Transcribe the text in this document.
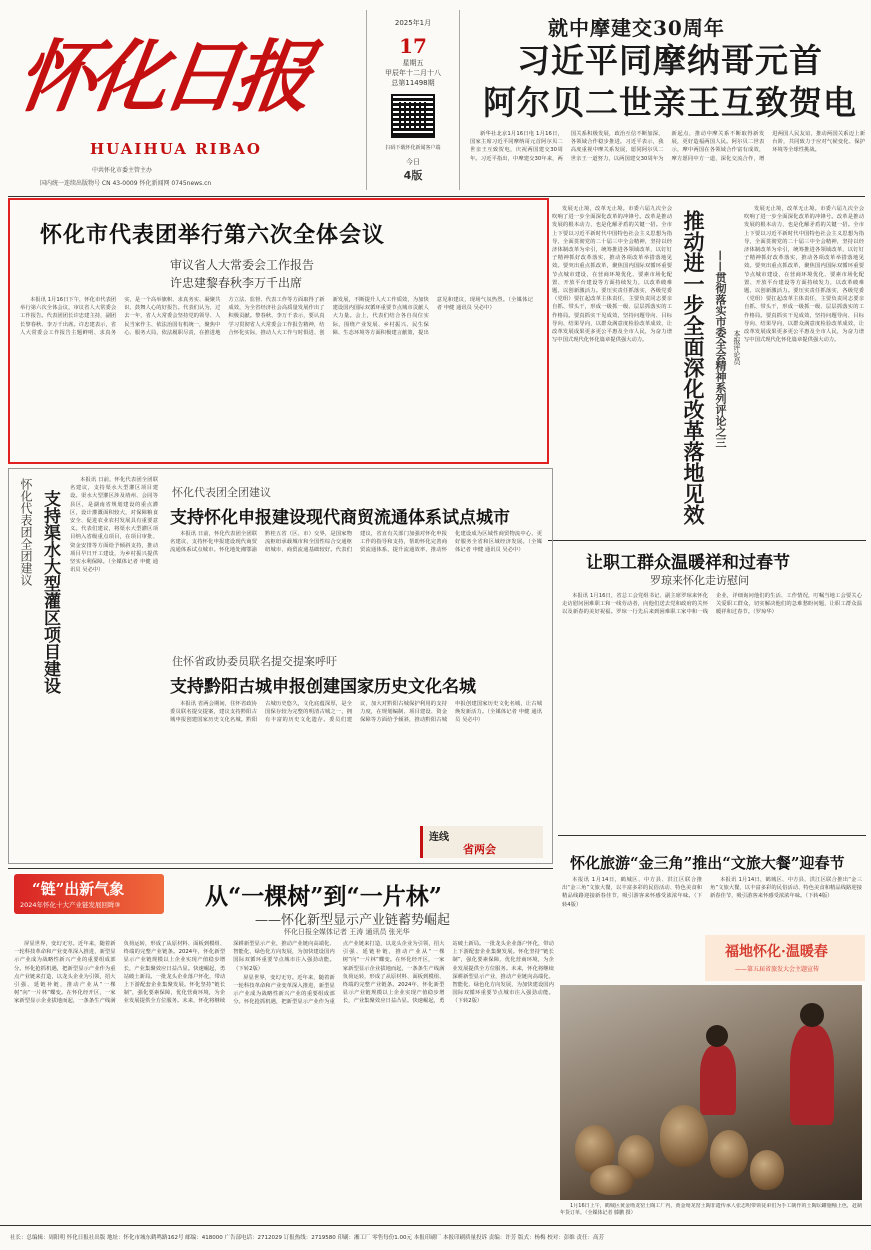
怀化日报
HUAIHUA RIBAO
中共怀化市委主管主办
国内统一连续出版物号 CN 43-0009 怀化新闻网 0745news.cn
2025年1月
17
星期五
甲辰年十二月十八
总第11498期
扫码下载怀化新闻客户端
今日
4版
就中摩建交30周年
习近平同摩纳哥元首
阿尔贝二世亲王互致贺电

新华社北京1月16日电 1月16日，国家主席习近平同摩纳哥元首阿尔贝二世亲王互致贺电，庆祝两国建交30周年。习近平指出，中摩建交30年来，两国关系积极发展，政治互信不断加深，各领域合作稳步推进。习近平表示，我高度重视中摩关系发展，愿同阿尔贝二世亲王一道努力，以两国建交30周年为新起点，推动中摩关系不断取得新发展，更好造福两国人民。阿尔贝二世表示，摩中两国在各领域合作富有成效，摩方愿同中方一道，深化交流合作，增进两国人民友谊，推动两国关系迈上新台阶，共同致力于应对气候变化、保护环境等全球性挑战。

怀化市代表团举行第六次全体会议
审议省人大常委会工作报告
许忠建黎春秋李万千出席

本报讯 1月16日下午，怀化市代表团举行第六次全体会议，审议省人大常委会工作报告。代表团团长许忠建主持，副团长黎春秋、李万千出席。许忠建表示，省人大常委会工作报告主题鲜明、求真务实，是一个高举旗帜、求真务实、凝聚共识、鼓舞人心的好报告。代表们认为，过去一年，省人大常委会坚持党的领导、人民当家作主、依法治国有机统一，聚焦中心、服务大局，依法履职尽责，在推进地方立法、监督、代表工作等方面取得了新成效，为全省经济社会高质量发展作出了积极贡献。黎春秋、李万千表示，要认真学习贯彻省人大常委会工作报告精神，结合怀化实际，推动人大工作与时俱进、创新发展，不断提升人大工作质效，为加快建设国内国际双循环重要节点城市贡献人大力量。会上，代表们结合各自岗位实际，围绕产业发展、乡村振兴、民生保障、生态环境等方面积极建言献策，提出意见和建议，现场气氛热烈。（全媒体记者 申健 通讯员 吴必中）

发展无止境，改革无止境。市委六届九次全会吹响了进一步全面深化改革的冲锋号。改革是推动发展的根本动力，也是化解矛盾的关键一招。全市上下要以习近平新时代中国特色社会主义思想为指导，全面贯彻党的二十届三中全会精神，坚持以经济体制改革为牵引，统筹推进各领域改革，以钉钉子精神抓好改革落实，推动各项改革举措落地见效。要突出重点抓改革，聚焦国内国际双循环重要节点城市建设，在营商环境优化、要素市场化配置、开放平台建设等方面持续发力，以改革破难题、以创新激活力。要压实责任抓落实，各级党委（党组）要扛起改革主体责任，主要负责同志要亲自抓、带头干，形成一级抓一级、层层抓落实的工作格局。要真抓实干见成效，坚持问题导向、目标导向、结果导向，以群众满意度检验改革成效，让改革发展成果更多更公平惠及全市人民，为奋力谱写中国式现代化怀化篇章提供强大动力。	推动进一步全面深化改革落地见效 ——贯彻落实市委全会精神系列评论之三 本报评论员

发展无止境，改革无止境。市委六届九次全会吹响了进一步全面深化改革的冲锋号。改革是推动发展的根本动力，也是化解矛盾的关键一招。全市上下要以习近平新时代中国特色社会主义思想为指导，全面贯彻党的二十届三中全会精神，坚持以经济体制改革为牵引，统筹推进各领域改革，以钉钉子精神抓好改革落实，推动各项改革举措落地见效。要突出重点抓改革，聚焦国内国际双循环重要节点城市建设，在营商环境优化、要素市场化配置、开放平台建设等方面持续发力，以改革破难题、以创新激活力。要压实责任抓落实，各级党委（党组）要扛起改革主体责任，主要负责同志要亲自抓、带头干，形成一级抓一级、层层抓落实的工作格局。要真抓实干见成效，坚持问题导向、目标导向、结果导向，以群众满意度检验改革成效，让改革发展成果更多更公平惠及全市人民，为奋力谱写中国式现代化怀化篇章提供强大动力。

怀化代表团全团建议 支持渠水大型灌区项目建设

本报讯 日前，怀化代表团全团联名建议，支持渠水大型灌区项目建设。渠水大型灌区涉及靖州、会同等县区，是湖南省规划建设的重点灌区，设计灌溉面积较大，对保障粮食安全、促进农业农村发展具有重要意义。代表们建议，将渠水大型灌区项目纳入省级重点项目，在项目审批、资金安排等方面给予倾斜支持，推动项目早日开工建设，为乡村振兴提供坚实水利保障。（全媒体记者 申健 通讯员 吴必中）

怀化代表团全团建议
支持怀化申报建设现代商贸流通体系试点城市

本报讯 日前，怀化代表团全团联名建议，支持怀化申报建设现代商贸流通体系试点城市。怀化地处湘鄂渝黔桂五省（区、市）交界，是国家物流枢纽承载城市和全国性综合交通枢纽城市，商贸流通基础较好。代表们建议，省直有关部门加强对怀化申报工作的指导和支持，帮助怀化完善商贸流通体系，提升流通效率，推动怀化建设成为区域性商贸物流中心，更好服务全省和区域经济发展。（全媒体记者 申健 通讯员 吴必中）

住怀省政协委员联名提交提案呼吁
支持黔阳古城申报创建国家历史文化名城

本报讯 省两会期间，住怀省政协委员联名提交提案，建议支持黔阳古城申报创建国家历史文化名城。黔阳古城历史悠久，文化底蕴深厚，是全国保存较为完整的明清古城之一，拥有丰富的历史文化遗存。委员们建议，加大对黔阳古城保护利用的支持力度，在规划编制、项目建设、资金保障等方面给予倾斜，推动黔阳古城申报创建国家历史文化名城，让古城焕发新活力。（全媒体记者 申健 通讯员 吴必中）

连线
省两会
让职工群众温暖祥和过春节
罗琼来怀化走访慰问

本报讯 1月16日，省总工会党组书记、副主席罗琼来怀化走访慰问困难职工和一线劳动者，向他们送去党和政府的关怀以及新春的美好祝福。罗琼一行先后来到困难职工家中和一线企业，详细询问他们的生活、工作情况，叮嘱当地工会要关心关爱职工群众，切实解决他们的急难愁盼问题，让职工群众温暖祥和过春节。（罗琼华）

怀化旅游“金三角”推出“文旅大餐”迎春节

本报讯 1月14日，鹤城区、中方县、洪江区联合推出“金三角”文旅大餐，以丰富多彩的民俗活动、特色美食和精品线路迎接新春佳节，吸引游客来怀感受浓浓年味。（下转4版）

本报讯 1月14日，鹤城区、中方县、洪江区联合推出“金三角”文旅大餐，以丰富多彩的民俗活动、特色美食和精品线路迎接新春佳节，吸引游客来怀感受浓浓年味。（下转4版）

福地怀化·温暖春
——第五届省旅发大会主题宣传
“链”出新气象
2024年怀化十大产业链发展回眸③	从“一棵树”到“一片林”
——怀化新型显示产业链蓄势崛起
怀化日报全媒体记者 王涛 通讯员 张光华

屏显世界，变幻无穷。近年来，随着新一轮科技革命和产业变革深入推进，新型显示产业成为战略性新兴产业的重要组成部分。怀化抢抓机遇，把新型显示产业作为重点产业链来打造，以龙头企业为引领，招大引强、延链补链，推动产业从“一棵树”向“一片林”蝶变。在怀化经开区，一家家新型显示企业拔地而起，一条条生产线满负荷运转，形成了从原材料、面板到模组、终端的完整产业链条。2024年，怀化新型显示产业链规模以上企业实现产值稳步增长，产业集聚效应日益凸显。快速崛起，勇站破土新局。一批龙头企业落户怀化，带动上下游配套企业集聚发展。怀化坚持“链长制”，强化要素保障，优化营商环境，为企业发展提供全方位服务。未来，怀化将继续深耕新型显示产业，推动产业链向高端化、智能化、绿色化方向发展，为加快建设国内国际双循环重要节点城市注入强劲动能。（下转2版）

屏显世界，变幻无穷。近年来，随着新一轮科技革命和产业变革深入推进，新型显示产业成为战略性新兴产业的重要组成部分。怀化抢抓机遇，把新型显示产业作为重点产业链来打造，以龙头企业为引领，招大引强、延链补链，推动产业从“一棵树”向“一片林”蝶变。在怀化经开区，一家家新型显示企业拔地而起，一条条生产线满负荷运转，形成了从原材料、面板到模组、终端的完整产业链条。2024年，怀化新型显示产业链规模以上企业实现产值稳步增长，产业集聚效应日益凸显。快速崛起，勇站破土新局。一批龙头企业落户怀化，带动上下游配套企业集聚发展。怀化坚持“链长制”，强化要素保障，优化营商环境，为企业发展提供全方位服务。未来，怀化将继续深耕新型显示产业，推动产业链向高端化、智能化、绿色化方向发展，为加快建设国内国际双循环重要节点城市注入强劲动能。（下转2版）

1月16日上午，鹤城区黄金坳龙窑土陶工厂内，黄金坳龙窑土陶非遗传承人张志明带领徒弟们为手工制作的土陶坛罐施釉上色，赶制年货订单。（全媒体记者 滕鹏 摄）

社长：总编辑：周阳明 怀化日报社出版 地址：怀化市城东鹤鸣路162号 邮编：418000 广告部电话：2712029 订报热线：2719580 印刷：湘工厂 零售每份1.00元 本报印刷厂 本报印刷质量投诉 责编：许芳 版式：杨梅 校对：彭维 责任：高芳
